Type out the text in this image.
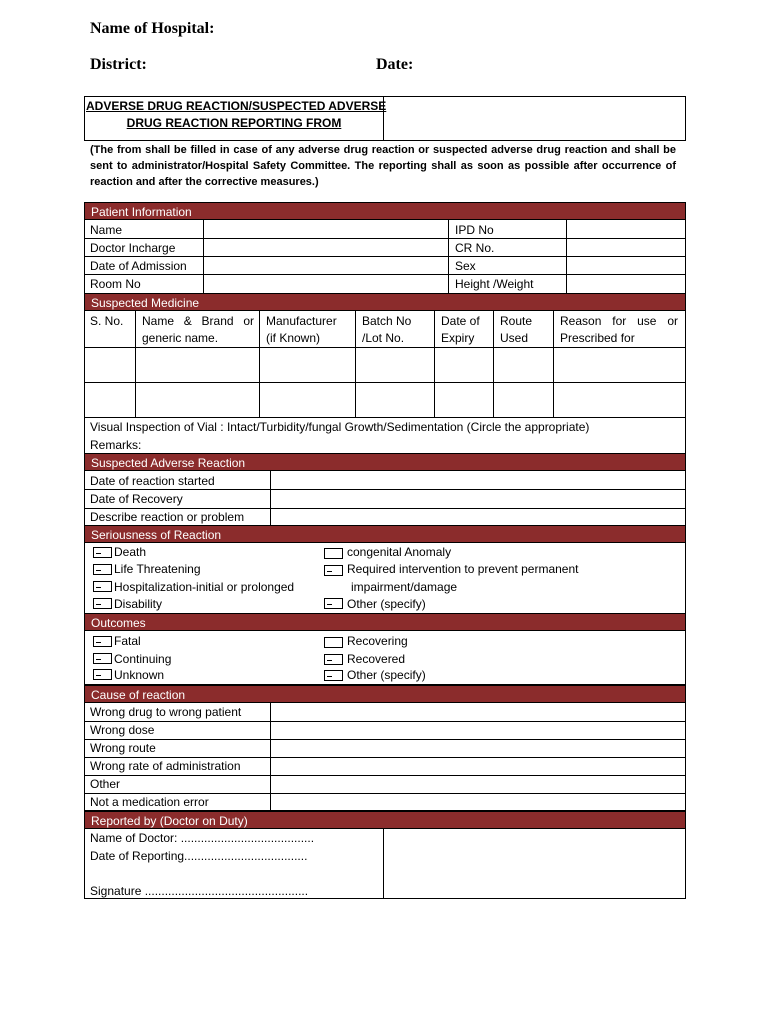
Name of Hospital:
District:	Date:
ADVERSE DRUG REACTION/SUSPECTED ADVERSE
DRUG REACTION REPORTING FROM
(The from shall be filled in case of any adverse drug reaction or suspected adverse drug reaction and shall be sent to administrator/Hospital Safety Committee. The reporting shall as soon as possible after occurrence of reaction and after the corrective measures.)
Patient Information
Name
Doctor Incharge
Date of Admission
Room No
IPD No
CR No.
Sex
Height /Weight
Suspected Medicine
S. No. Name & Brand or
generic name.
Manufacturer
(if Known)
Batch No
/Lot No.
Date of
Expiry
Route
Used
Reason for use or
Prescribed for
Visual Inspection of Vial : Intact/Turbidity/fungal Growth/Sedimentation (Circle the appropriate)
Remarks:
Suspected Adverse Reaction
Date of reaction started
Date of Recovery
Describe reaction or problem
Seriousness of Reaction
Death
Life Threatening
Hospitalization-initial or prolonged
Disability
congenital Anomaly
Required intervention to prevent permanent
impairment/damage
Other (specify)
Outcomes
Fatal
Continuing
Unknown
Recovering
Recovered
Other (specify)
Cause of reaction
Wrong drug to wrong patient
Wrong dose
Wrong route
Wrong rate of administration
Other
Not a medication error
Reported by (Doctor on Duty)
Name of Doctor: ........................................
Date of Reporting.....................................
Signature .................................................
